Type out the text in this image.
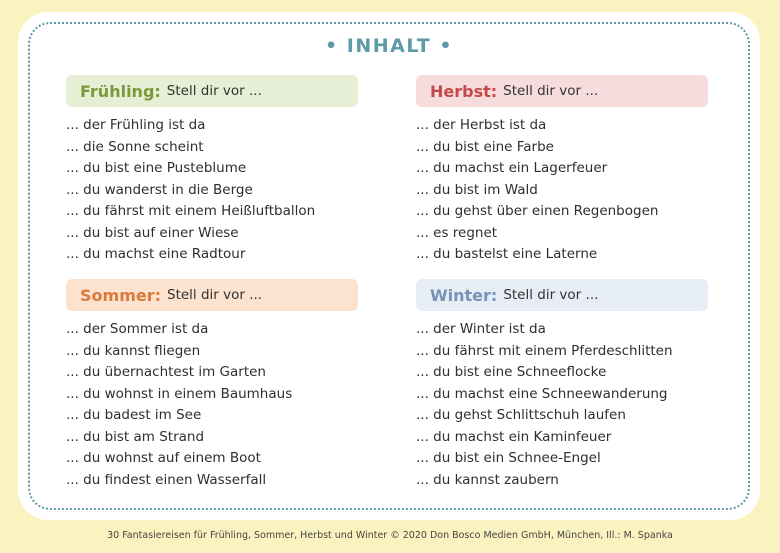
• INHALT •
Frühling: Stell dir vor ...
... der Frühling ist da
... die Sonne scheint
... du bist eine Pusteblume
... du wanderst in die Berge
... du fährst mit einem Heißluftballon
... du bist auf einer Wiese
... du machst eine Radtour
Herbst: Stell dir vor ...
... der Herbst ist da
... du bist eine Farbe
... du machst ein Lagerfeuer
... du bist im Wald
... du gehst über einen Regenbogen
... es regnet
... du bastelst eine Laterne
Sommer: Stell dir vor ...
... der Sommer ist da
... du kannst fliegen
... du übernachtest im Garten
... du wohnst in einem Baumhaus
... du badest im See
... du bist am Strand
... du wohnst auf einem Boot
... du findest einen Wasserfall
Winter: Stell dir vor ...
... der Winter ist da
... du fährst mit einem Pferdeschlitten
... du bist eine Schneeflocke
... du machst eine Schneewanderung
... du gehst Schlittschuh laufen
... du machst ein Kaminfeuer
... du bist ein Schnee-Engel
... du kannst zaubern
30 Fantasiereisen für Frühling, Sommer, Herbst und Winter © 2020 Don Bosco Medien GmbH, München, Ill.: M. Spanka
